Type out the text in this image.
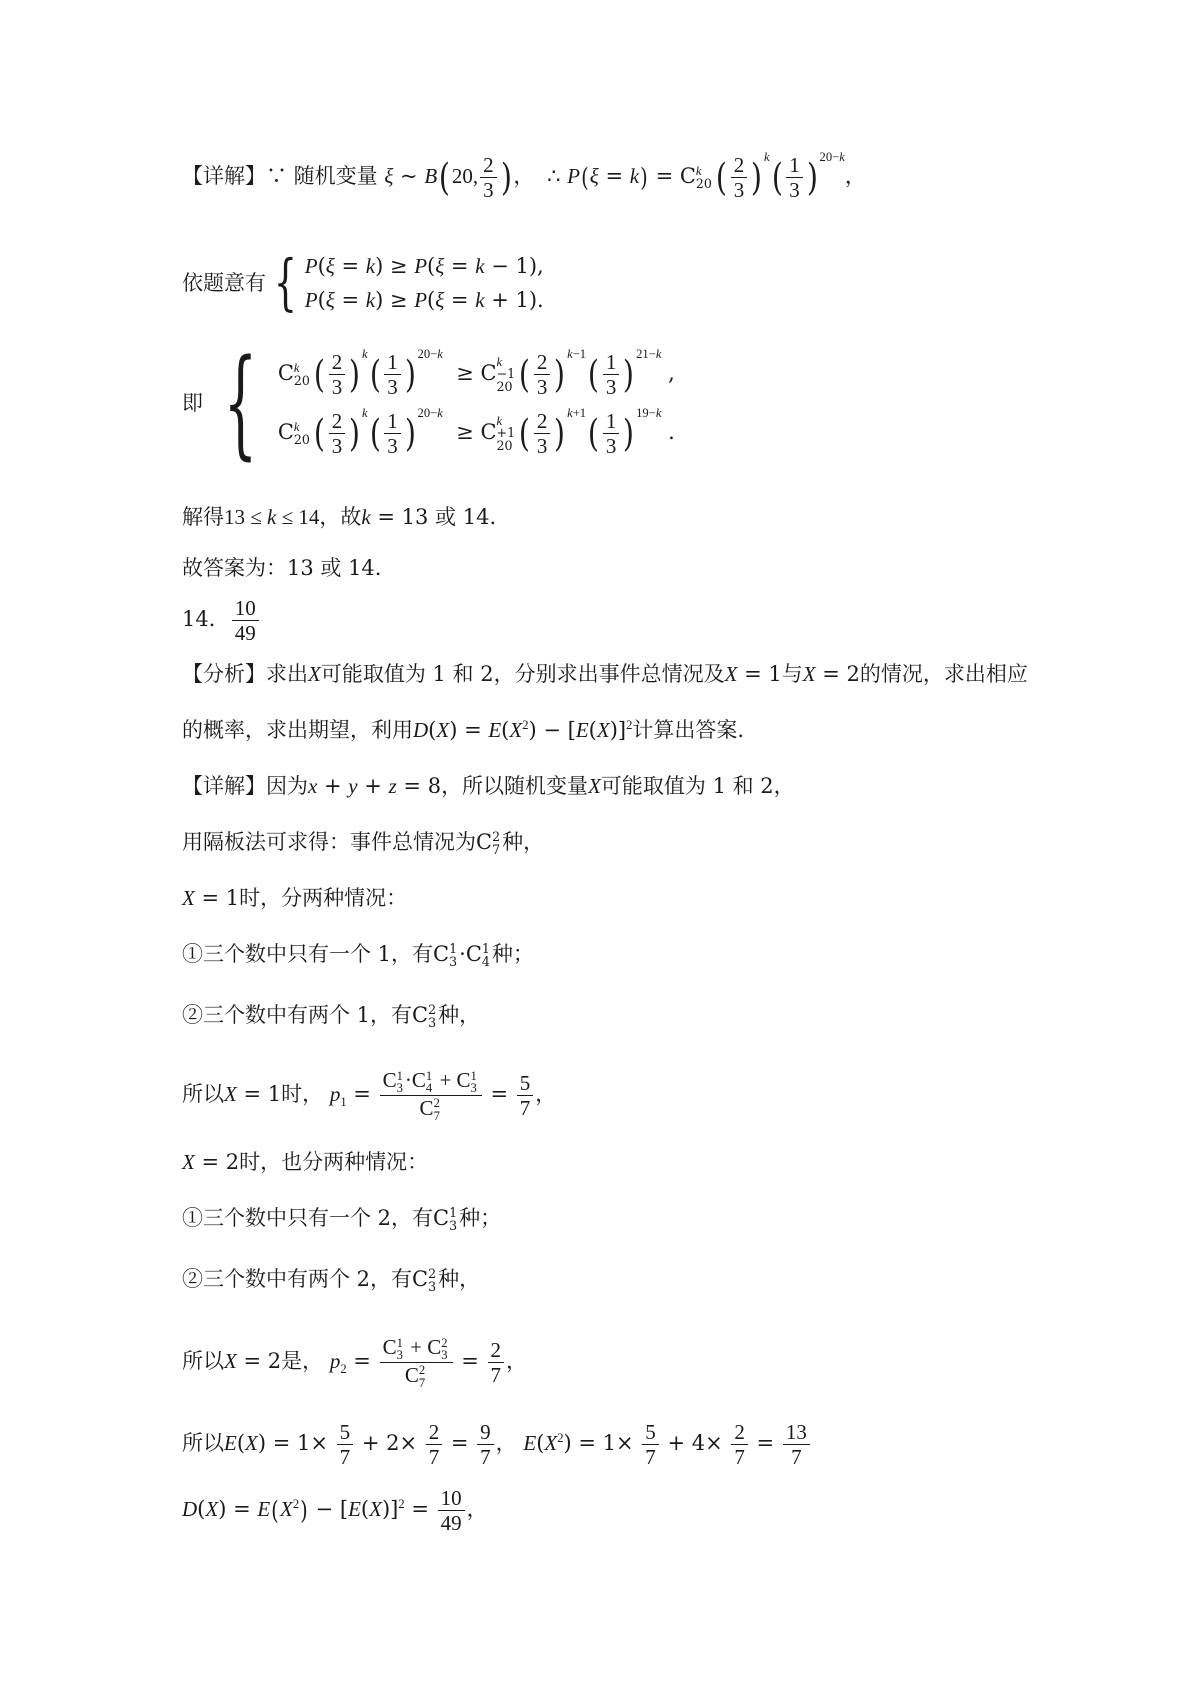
【详解】∵ 随机变量 ξ ~ B(20, $\frac{2}{3}$ )， ∴ P(ξ = k) = C k
20 ( $\frac{2}{3}$ ) $^k( \frac{1}{3}$ ) $^{20-k}$，
依题意有 { P(ξ = k) ≥ P(ξ = k − 1),
P(ξ = k) ≥ P(ξ = k + 1).
即 { C k
20 ( $\frac{2}{3}$ ) $^k( \frac{1}{3}$ ) $^{20-k}$  ≥ C k
−1
20 ( $\frac{2}{3}$ ) $^{k-1}( \frac{1}{3}$ ) $^{21-k}$ ,
C k
20 ( $\frac{2}{3}$ ) $^k( \frac{1}{3}$ ) $^{20-k}$  ≥ C k
+1
20 ( $\frac{2}{3}$ ) $^{k+1}( \frac{1}{3}$ ) $^{19-k}$ .
解得13 ≤ k ≤ 14，故k = 13 或 14.
故答案为：13 或 14.
14． $\frac{10}{49}$
【分析】求出X可能取值为 1 和 2，分别求出事件总情况及X = 1与X = 2的情况，求出相应
的概率，求出期望，利用$D(X) = E(X^2) - [E(X)]^2$计算出答案.
【详解】因为x + y + z = 8，所以随机变量X可能取值为 1 和 2，
用隔板法可求得：事件总情况为C 2
7 种，
X = 1时，分两种情况：
①三个数中只有一个 1，有C 1
3 ·C 1
4 种；
②三个数中有两个 1，有C 2
3 种，
所以X = 1时， $p_1 = C$ 1
3 ·C 1
4 + C 1
3
C 2
$7 = \frac{5}{7}$ ，
X = 2时，也分两种情况：
①三个数中只有一个 2，有C 1
3 种；
②三个数中有两个 2，有C 2
3 种，
所以X = 2是， $p_2 = C$ 1
3 + C 2
3
C 2
$7 = \frac{2}{7}$ ，
所以$E(X) = 1\times \frac{5}{7} + 2\times \frac{2}{7} = \frac{9}{7}$ ， $E(X^2) = 1\times \frac{5}{7} + 4\times \frac{2}{7} = \frac{13}{7}$
$D(X) = E(X^2) - [E(X)]^2 = \frac{10}{49}$ ，
